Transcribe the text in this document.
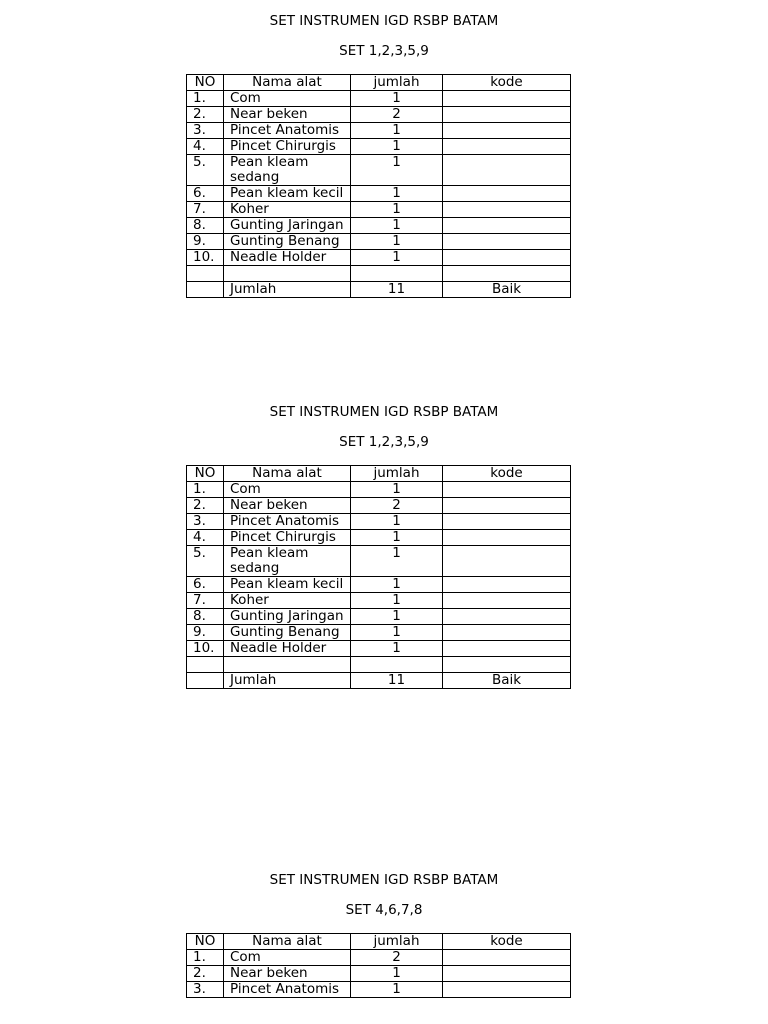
SET INSTRUMEN IGD RSBP BATAM
SET 1,2,3,5,9
NO	Nama alat	jumlah	kode
1.	Com	1	
2.	Near beken	2	
3.	Pincet Anatomis	1	
4.	Pincet Chirurgis	1	
5.	Pean kleam sedang	1	
6.	Pean kleam kecil	1	
7.	Koher	1	
8.	Gunting Jaringan	1	
9.	Gunting Benang	1	
10.	Neadle Holder	1	

	Jumlah	11	Baik
SET INSTRUMEN IGD RSBP BATAM
SET 1,2,3,5,9
NO	Nama alat	jumlah	kode
1.	Com	1	
2.	Near beken	2	
3.	Pincet Anatomis	1	
4.	Pincet Chirurgis	1	
5.	Pean kleam sedang	1	
6.	Pean kleam kecil	1	
7.	Koher	1	
8.	Gunting Jaringan	1	
9.	Gunting Benang	1	
10.	Neadle Holder	1	

	Jumlah	11	Baik
SET INSTRUMEN IGD RSBP BATAM
SET 4,6,7,8
NO	Nama alat	jumlah	kode
1.	Com	2	
2.	Near beken	1	
3.	Pincet Anatomis	1	
